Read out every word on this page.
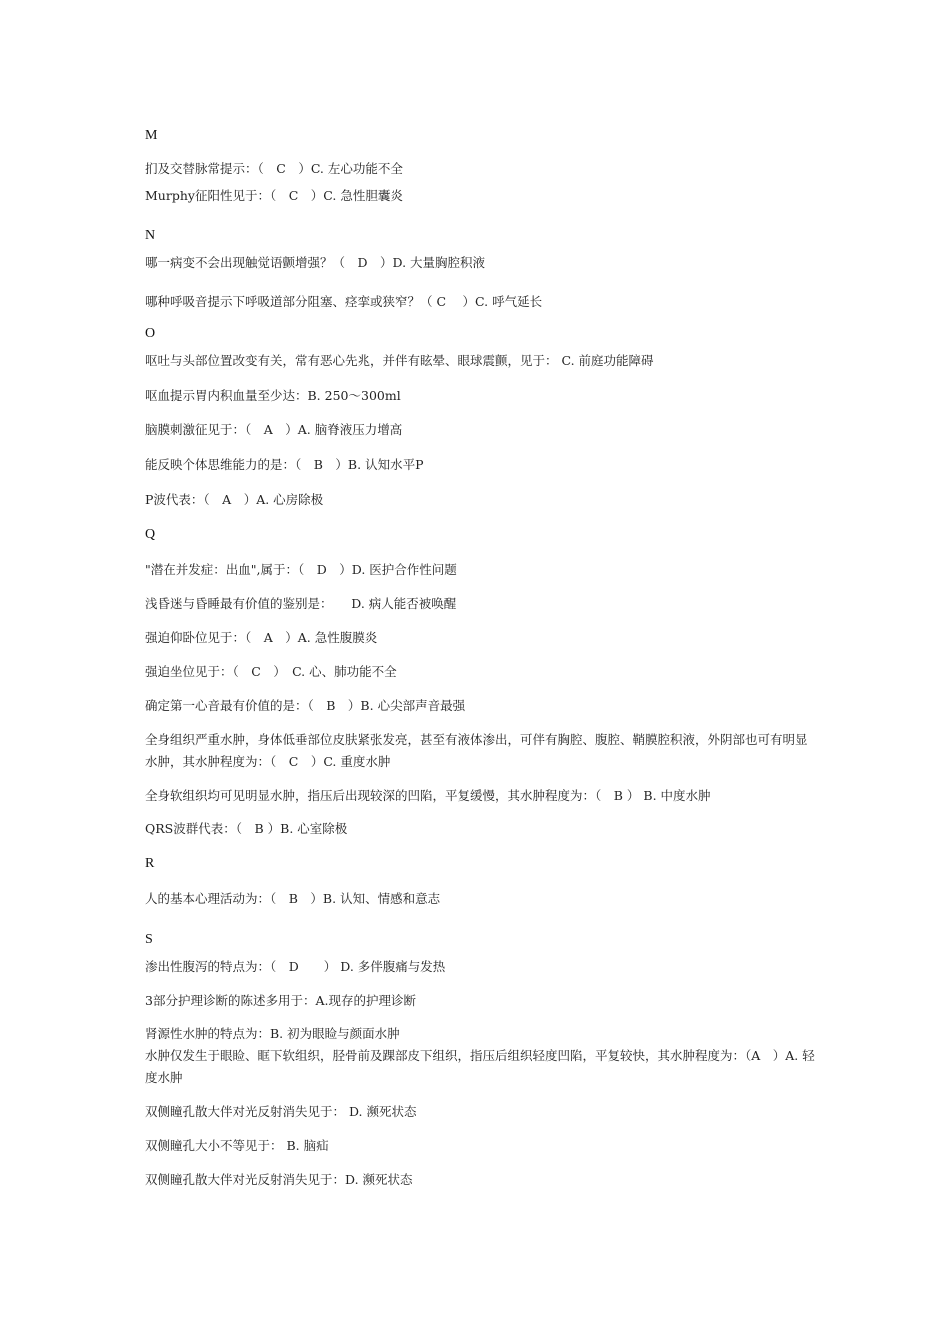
M

扪及交替脉常提示：（　C　）C. 左心功能不全

Murphy征阳性见于：（　C　）C. 急性胆囊炎

N

哪一病变不会出现触觉语颤增强？（　D　）D. 大量胸腔积液

哪种呼吸音提示下呼吸道部分阻塞、痉挛或狭窄？（ C　 ）C. 呼气延长

O

呕吐与头部位置改变有关，常有恶心先兆，并伴有眩晕、眼球震颤，见于： C. 前庭功能障碍

呕血提示胃内积血量至少达：B. 250～300ml

脑膜刺激征见于：（　A　）A. 脑脊液压力增高

能反映个体思维能力的是：（　B　）B. 认知水平P

P波代表：（　A　）A. 心房除极

Q

"潜在并发症：出血",属于：（　D　）D. 医护合作性问题

浅昏迷与昏睡最有价值的鉴别是：　　D. 病人能否被唤醒

强迫仰卧位见于：（　A　）A. 急性腹膜炎

强迫坐位见于：（　C　）　C. 心、肺功能不全

确定第一心音最有价值的是：（　B　）B. 心尖部声音最强

全身组织严重水肿，身体低垂部位皮肤紧张发亮，甚至有液体渗出，可伴有胸腔、腹腔、鞘膜腔积液，外阴部也可有明显水肿，其水肿程度为：（　C　）C. 重度水肿

全身软组织均可见明显水肿，指压后出现较深的凹陷，平复缓慢，其水肿程度为：（　B ） B. 中度水肿

QRS波群代表：（　B ）B. 心室除极

R

人的基本心理活动为：（　B　）B. 认知、情感和意志

S

渗出性腹泻的特点为：（　D　　） D. 多伴腹痛与发热

3部分护理诊断的陈述多用于：A.现存的护理诊断

肾源性水肿的特点为：B. 初为眼睑与颜面水肿
水肿仅发生于眼睑、眶下软组织，胫骨前及踝部皮下组织，指压后组织轻度凹陷，平复较快，其水肿程度为：（A　）A. 轻度水肿

双侧瞳孔散大伴对光反射消失见于： D. 濒死状态

双侧瞳孔大小不等见于： B. 脑疝

双侧瞳孔散大伴对光反射消失见于：D. 濒死状态
